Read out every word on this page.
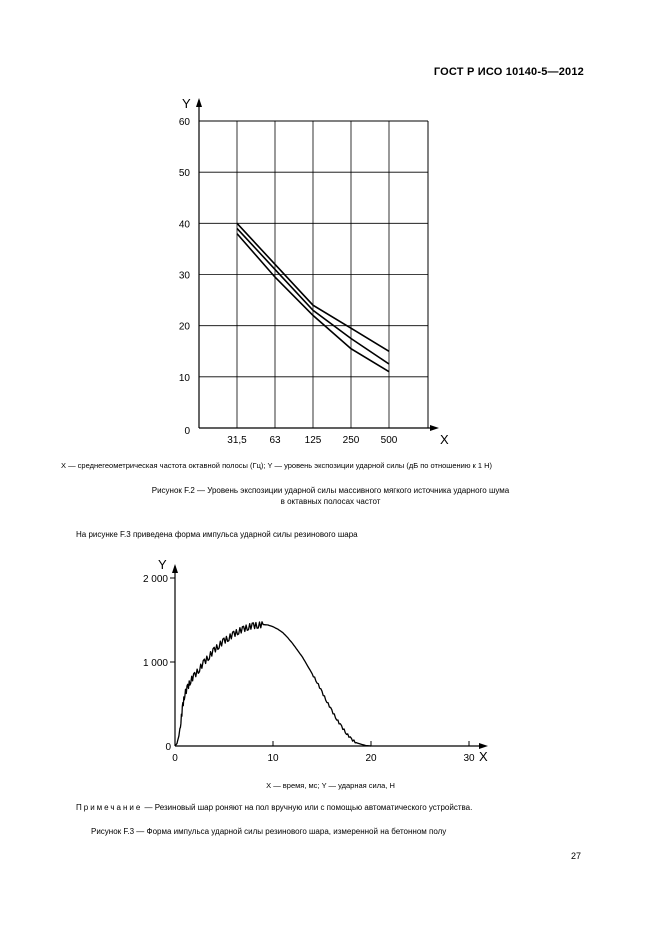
ГОСТ Р ИСО 10140-5—2012
0
10
20
30
40
50
60
31,5 63 125 250 500
Y
X
X — среднегеометрическая частота октавной полосы (Гц); Y — уровень экспозиции ударной силы (дБ по отношению к 1 Н)
Рисунок F.2 — Уровень экспозиции ударной силы массивного мягкого источника ударного шума
в октавных полосах частот
На рисунке F.3 приведена форма импульса ударной силы резинового шара
0
1 000
2 000
0	10	20	30
Y
X
X — время, мс; Y — ударная сила, Н
Примечание — Резиновый шар роняют на пол вручную или с помощью автоматического устройства.
Рисунок F.3 — Форма импульса ударной силы резинового шара, измеренной на бетонном полу
27
